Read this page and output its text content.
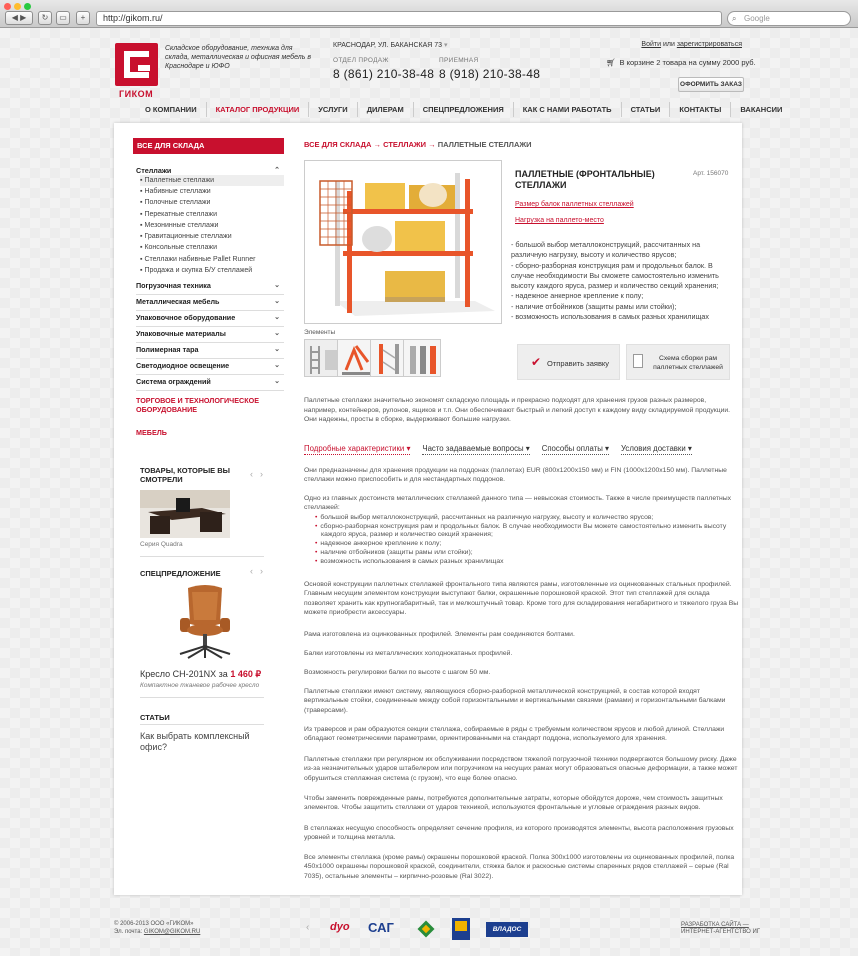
◀ ▶	↻	▭	+	http://gikom.ru/	⌕ Google
ГИКОМ
Складское оборудование, техника для склада, металлическая и офисная мебель в Краснодаре и ЮФО
КРАСНОДАР, УЛ. БАКАНСКАЯ 73 ▾
ОТДЕЛ ПРОДАЖ
8 (861) 210-38-48
ПРИЕМНАЯ
8 (918) 210-38-48
Войти или зарегистрироваться
🛒︎ В корзине 2 товара на сумму 2000 руб.
ОФОРМИТЬ ЗАКАЗ
О КОМПАНИИ	КАТАЛОГ ПРОДУКЦИИ	УСЛУГИ	ДИЛЕРАМ	СПЕЦПРЕДЛОЖЕНИЯ	КАК С НАМИ РАБОТАТЬ	СТАТЬИ	КОНТАКТЫ	ВАКАНСИИ
ВСЕ ДЛЯ СКЛАДА
Стеллажи	⌃
▪ Паллетные стеллажи
▪ Набивные стеллажи
▪ Полочные стеллажи
▪ Перекатные стеллажи
▪ Мезонинные стеллажи
▪ Гравитационные стеллажи
▪ Консольные стеллажи
▪ Стеллажи набивные Pallet Runner
▪ Продажа и скупка Б/У стеллажей
Погрузочная техника	⌄
Металлическая мебель	⌄
Упаковочное оборудование	⌄
Упаковочные материалы	⌄
Полимерная тара	⌄
Светодиодное освещение	⌄
Система ограждений	⌄
ТОРГОВОЕ И ТЕХНОЛОГИЧЕСКОЕ ОБОРУДОВАНИЕ
МЕБЕЛЬ
ТОВАРЫ, КОТОРЫЕ ВЫ СМОТРЕЛИ
‹ ›
Серия Quadra
СПЕЦПРЕДЛОЖЕНИЕ	‹ ›
Кресло CH-201NX за 1 460 ₽
Компактное тканевое рабочее кресло
СТАТЬИ
Как выбрать комплексный офис?
ВСЕ ДЛЯ СКЛАДА → СТЕЛЛАЖИ → ПАЛЛЕТНЫЕ СТЕЛЛАЖИ
Элементы
ПАЛЛЕТНЫЕ (ФРОНТАЛЬНЫЕ) СТЕЛЛАЖИ
Арт. 156070
Размер балок паллетных стеллажей
Нагрузка на паллето-место
- большой выбор металлоконструкций, рассчитанных на различную нагрузку, высоту и количество ярусов;
- сборно-разборная конструкция рам и продольных балок. В случае необходимости Вы сможете самостоятельно изменить высоту каждого яруса, размер и количество секций хранения;
- надежное анкерное крепление к полу;
- наличие отбойников (защиты рамы или стойки);
- возможность использования в самых разных хранилищах
✔ Отправить заявку
Схема сборки рам паллетных стеллажей
Паллетные стеллажи значительно экономят складскую площадь и прекрасно подходят для хранения грузов разных размеров, например, контейнеров, рулонов, ящиков и т.п. Они обеспечивают быстрый и легкий доступ к каждому виду складируемой продукции. Они надежны, просты в сборке, выдерживают большие нагрузки.
Подробные характеристики ▾ Часто задаваемые вопросы ▾ Способы оплаты ▾ Условия доставки ▾
Они предназначены для хранения продукции на поддонах (паллетах) EUR (800х1200х150 мм) и FIN (1000х1200х150 мм). Паллетные стеллажи можно приспособить и для нестандартных поддонов.
Одно из главных достоинств металлических стеллажей данного типа — невысокая стоимость. Также в числе преимуществ паллетных стеллажей:
• большой выбор металлоконструкций, рассчитанных на различную нагрузку, высоту и количество ярусов;
• сборно-разборная конструкция рам и продольных балок. В случае необходимости Вы можете самостоятельно изменить высоту каждого яруса, размер и количество секций хранения;
• надежное анкерное крепление к полу;
• наличие отбойников (защиты рамы или стойки);
• возможность использования в самых разных хранилищах
Основой конструкции паллетных стеллажей фронтального типа являются рамы, изготовленные из оцинкованных стальных профилей. Главным несущим элементом конструкции выступают балки, окрашенные порошковой краской. Этот тип стеллажей для склада позволяет хранить как крупногабаритный, так и мелкоштучный товар. Кроме того для складирования негабаритного и тяжелого груза Вы можете приобрести аксессуары.
Рама изготовлена из оцинкованных профилей. Элементы рам соединяются болтами.
Балки изготовлены из металлических холоднокатаных профилей.
Возможность регулировки балки по высоте с шагом 50 мм.
Паллетные стеллажи имеют систему, являющуюся сборно-разборной металлической конструкцией, в состав которой входят вертикальные стойки, соединенные между собой горизонтальными и вертикальными связями (рамами) и горизонтальными балками (траверсами).
Из траверсов и рам образуются секции стеллажа, собираемые в ряды с требуемым количеством ярусов и любой длиной. Стеллажи обладают геометрическими параметрами, ориентированными на стандарт поддона, используемого для хранения.
Паллетные стеллажи при регулярном их обслуживании посредством тяжелой погрузочной техники подвергаются большому риску. Даже из-за незначительных ударов штабелером или погрузчиком на несущих рамах могут образоваться опасные деформации, а также может обрушиться стеллажная система (с грузом), что еще более опасно.
Чтобы заменить поврежденные рамы, потребуются дополнительные затраты, которые обойдутся дороже, чем стоимость защитных элементов. Чтобы защитить стеллажи от ударов техникой, используются фронтальные и угловые ограждения разных видов.
В стеллажах несущую способность определяет сечение профиля, из которого производятся элементы, высота расположения грузовых уровней и толщина металла.
Все элементы стеллажа (кроме рамы) окрашены порошковой краской. Полка 300х1000 изготовлены из оцинкованных профилей, полка 450х1000 окрашены порошковой краской, соединители, стяжка балок и раскосные системы спаренных рядов стеллажей – серые (Ral 7035), остальные элементы – кирпично-розовые (Ral 3022).
© 2006-2013 ООО «ГИКОМ»
Эл. почта: GIKOM@GIKOM.RU	‹ dyo САГ	ВЛАДОС
РАЗРАБОТКА САЙТА —
ИНТЕРНЕТ-АГЕНТСТВО ИГ
